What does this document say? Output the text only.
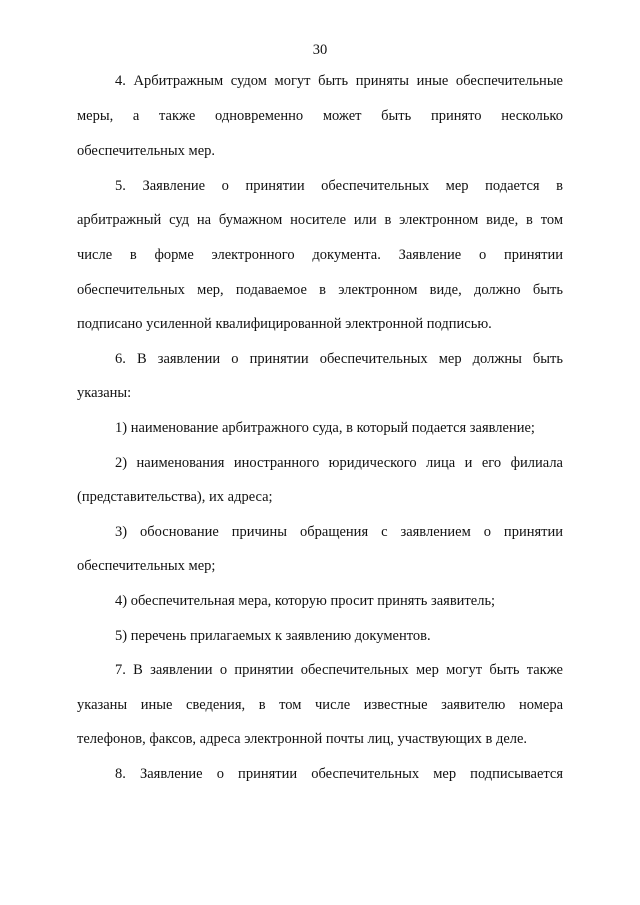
30
4. Арбитражным судом могут быть приняты иные обеспечительные
меры, а также одновременно может быть принято несколько
обеспечительных мер.
5. Заявление о принятии обеспечительных мер подается в
арбитражный суд на бумажном носителе или в электронном виде, в том
числе в форме электронного документа. Заявление о принятии
обеспечительных мер, подаваемое в электронном виде, должно быть
подписано усиленной квалифицированной электронной подписью.
6. В заявлении о принятии обеспечительных мер должны быть
указаны:
1) наименование арбитражного суда, в который подается заявление;
2) наименования иностранного юридического лица и его филиала
(представительства), их адреса;
3) обоснование причины обращения с заявлением о принятии
обеспечительных мер;
4) обеспечительная мера, которую просит принять заявитель;
5) перечень прилагаемых к заявлению документов.
7. В заявлении о принятии обеспечительных мер могут быть также
указаны иные сведения, в том числе известные заявителю номера
телефонов, факсов, адреса электронной почты лиц, участвующих в деле.
8. Заявление о принятии обеспечительных мер подписывается
